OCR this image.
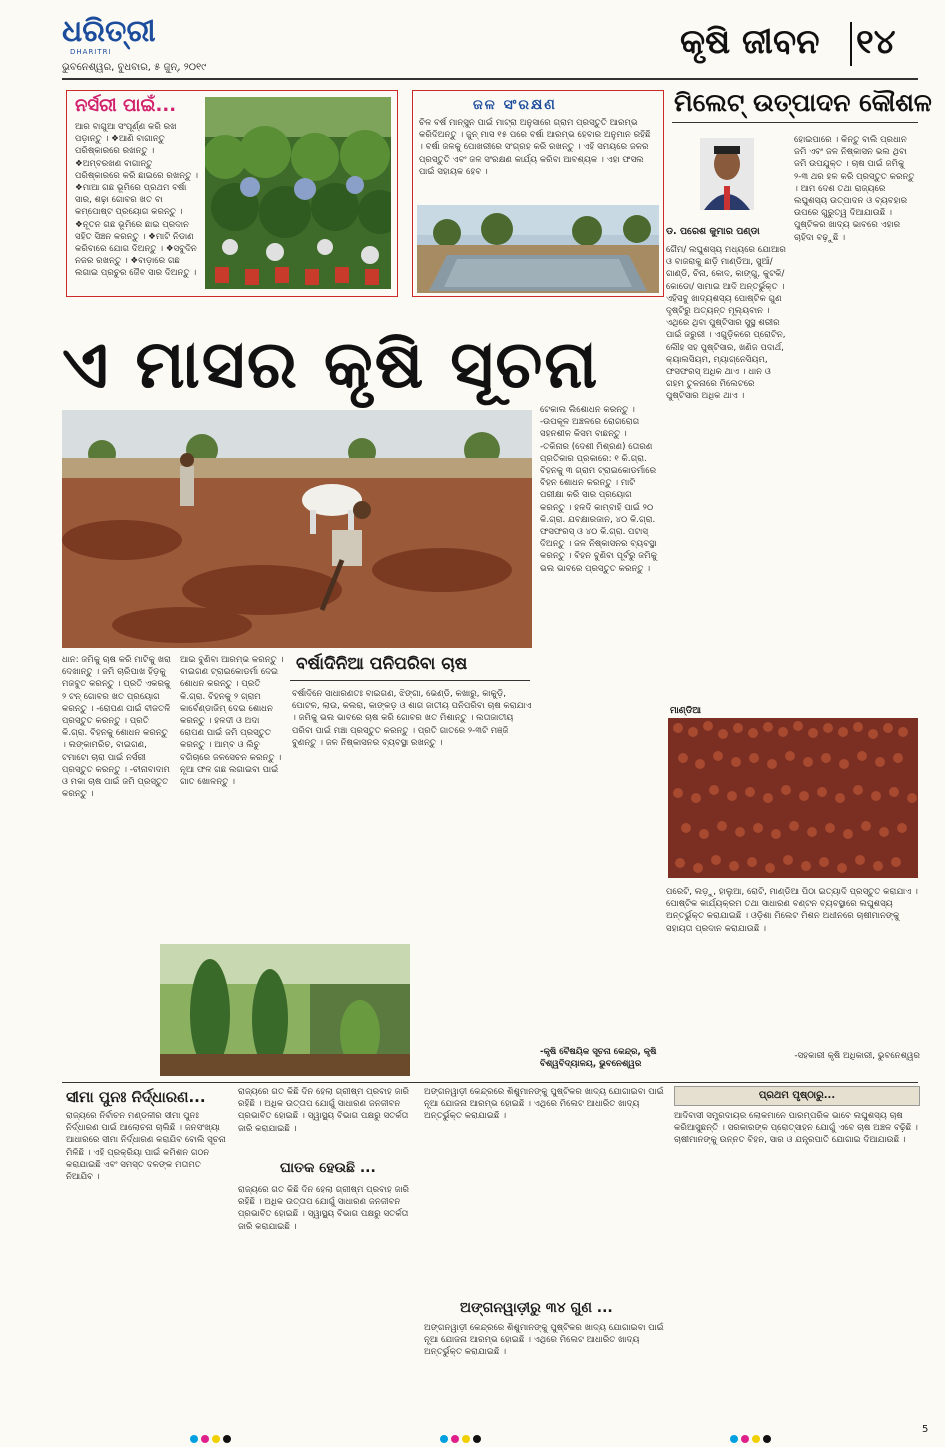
ଧରିତ୍ରୀ
DHARITRI
ଭୁବନେଶ୍ୱର, ବୁଧବାର, ୫ ଜୁନ୍, ୨୦୧୯
କୃଷି ଜୀବନ ୧୪
ନର୍ସରୀ ପାଇଁ...
ଆର ବାଗୁଆ ସଂପୂର୍ଣ୍ଣ କରି ରଖ ପଡ଼ାନ୍ତୁ । ❖ଆଣି ବାଗାନ୍ତୁ ପରିଷ୍କାରରେ ରଖନ୍ତୁ । ❖ଅମ୍ବରଖଣ ବାଗାନ୍ତୁ ପରିଷ୍କାରରେ କରି ଛାଇରେ ରଖନ୍ତୁ । ❖ମାଆ ଗଛ ଭୂମିରେ ପ୍ରଥମ ବର୍ଷା ସାର, ଶଢ଼ା ଗୋବର ଖତ ବା କମ୍ପୋଷ୍ଟ ପ୍ରୟୋଗ କରନ୍ତୁ । ❖ନୂତନ ଗଛ ଭୂମିରେ ଛାଇ ପ୍ରଦାନ ସହିତ ସିଞ୍ଚନ କରନ୍ତୁ । ❖ମାଟି ନିଡାଣ କରିବାରେ ଯୋଗ ଦିଅନ୍ତୁ । ❖ସବୁଦିନ ନଜର ରଖନ୍ତୁ । ❖ବାଡ଼ାରେ ଗଛ ଲଗାଇ ପ୍ରଚୁର ଜୈବ ସାର ଦିଅନ୍ତୁ ।
ଜଳ ସଂରକ୍ଷଣ
ଚିଳ ବର୍ଷ ମାନ୍ସୁନ ପାଇଁ ମାଟ୍ରା ଅନୁସାରେ ଗ୍ରାମ ପ୍ରସ୍ତୁତି ଆରମ୍ଭ କରିଦିଅନ୍ତୁ । ଜୁନ୍ ମାସ ୧୫ ପରେ ବର୍ଷା ଆରମ୍ଭ ହେବାର ଅନୁମାନ ରହିଛି । ବର୍ଷା ଜଳକୁ ପୋଖରୀରେ ସଂଗ୍ରହ କରି ରଖନ୍ତୁ । ଏହି ସମୟରେ ଜଳର ପ୍ରସ୍ତୁତି ଏବଂ ଜଳ ସଂରକ୍ଷଣ କାର୍ଯ୍ୟ କରିବା ଆବଶ୍ୟକ । ଏହା ଫସଲ ପାଇଁ ସହାୟକ ହେବ ।
ମିଲେଟ୍ ଉତ୍ପାଦନ କୌଶଳ
ଡ. ପରେଶ କୁମାର ପଣ୍ଡା
ଗୈମ/ ଲଘୁଶସ୍ୟ ମଧ୍ୟରେ ଯୋଆର ଓ ବାଜରାକୁ ଛାଡ଼ି ମାଣ୍ଡିଆ, ସୁଆଁ/ଗାଣ୍ଡି, ଚିନା, କୋଦ, କାଙ୍ଗୁ, କୁଟକି/ କୋଡୋ/ ସାମାଇ ଆଦି ଅନ୍ତର୍ଭୁକ୍ତ । ଏହିସବୁ ଖାଦ୍ୟଶସ୍ୟ ପୋଷ୍ଟିକ ଗୁଣ ଦୃଷ୍ଟିରୁ ଅତ୍ୟନ୍ତ ମୂଲ୍ୟବାନ । ଏଥିରେ ଥିବା ପୁଷ୍ଟିସାର ସୁସ୍ଥ ଶରୀର ପାଇଁ ଜରୁରୀ । ଏଗୁଡ଼ିକରେ ପ୍ରୋଟିନ, ଲୌହ ସହ ପୁଷ୍ଟିସାର, ଖଣିଜ ପଦାର୍ଥ, କ୍ୟାଲସିୟମ, ମ୍ୟାଗ୍ନେସିୟମ, ଫସଫରସ୍ ଅଧିକ ଥାଏ । ଧାନ ଓ ଗହମ ତୁଳନାରେ ମିଲେଟରେ ପୁଷ୍ଟିସାର ଅଧିକ ଥାଏ ।
ହୋଇପାରେ । କିନ୍ତୁ ବାଲି ପ୍ରଧାନ ଜମି ଏବଂ ଜଳ ନିଷ୍କାସନ ଭଲ ଥିବା ଜମି ଉପଯୁକ୍ତ । ଚାଷ ପାଇଁ ଜମିକୁ ୨-୩ ଥର ହଳ କରି ପ୍ରସ୍ତୁତ କରନ୍ତୁ । ଆମ ଦେଶ ତଥା ରାଜ୍ୟରେ ଲଘୁଶସ୍ୟ ଉତ୍ପାଦନ ଓ ବ୍ୟବହାର ଉପରେ ଗୁରୁତ୍ୱ ଦିଆଯାଉଛି । ପୁଷ୍ଟିକର ଖାଦ୍ୟ ଭାବରେ ଏହାର ଚାହିଦା ବଢ଼ୁଛି ।
ମାଣ୍ଡିଆ
ପରେଟି, ଲଡ଼ୁ, ହାଲୁଆ, ରୋଟି, ମାଣ୍ଡିଆ ପିଠା ଇତ୍ୟାଦି ପ୍ରସ୍ତୁତ କରାଯାଏ । ପୋଷ୍ଟିକ କାର୍ଯ୍ୟକ୍ରମ ତଥା ସାଧାରଣ ବଣ୍ଟନ ବ୍ୟବସ୍ଥାରେ ଲଘୁଶସ୍ୟ ଅନ୍ତର୍ଭୁକ୍ତ କରାଯାଇଛି । ଓଡ଼ିଶା ମିଲେଟ ମିଶନ ଅଧୀନରେ ଚାଷୀମାନଙ୍କୁ ସହାୟତା ପ୍ରଦାନ କରାଯାଉଛି ।
-ସହକାରୀ କୃଷି ଅଧିକାରୀ, ଭୁବନେଶ୍ୱର
ଏ ମାସର କୃଷି ସୂଚନା
ଟେକାଲ ଲିଶୋଧନ କରନ୍ତୁ । -ଉପକୂଳ ଅଞ୍ଚଳରେ ରୋଗରୋଗ ସହନଶୀଳ କିସମ ବାଛନ୍ତୁ । -ତକିନାର (ଦେଶୀ ମିଶ୍ରଣ) ତୋରଣ ପ୍ରତିକାର ପ୍ରକାରେ: ୧ କି.ଗ୍ରା. ବିହନକୁ ୩ ଗ୍ରାମ ଟ୍ରାଇକୋଡର୍ମାରେ ବିହନ ଶୋଧନ କରନ୍ତୁ । ମାଟି ପରୀକ୍ଷା କରି ସାର ପ୍ରୟୋଗ କରନ୍ତୁ । ହଳଦି କାମ୍ବାହି ପାଇଁ ୨୦ କି.ଗ୍ରା. ଯବକ୍ଷାରଜାନ, ୪୦ କି.ଗ୍ରା. ଫସଫରସ୍ ଓ ୪୦ କି.ଗ୍ରା. ପଟାସ୍ ଦିଅନ୍ତୁ । ଜଳ ନିଷ୍କାସନର ବ୍ୟବସ୍ଥା କରନ୍ତୁ । ବିହନ ବୁଣିବା ପୂର୍ବରୁ ଜମିକୁ ଭଲ ଭାବରେ ପ୍ରସ୍ତୁତ କରନ୍ତୁ ।
-କୃଷି ବୈଷୟିକ ସୂଚନା କେନ୍ଦ୍ର, କୃଷି ବିଶ୍ୱବିଦ୍ୟାଳୟ, ଭୁବନେଶ୍ୱର
ଧାନ: ଜମିକୁ ଚାଷ କରି ମାଟିକୁ ଖରା ଦେଖାନ୍ତୁ । ଜମି ଚାରିପାଖ ହିଡ଼କୁ ମଜବୁତ କରନ୍ତୁ । ପ୍ରତି ଏକରକୁ ୨ ଟନ୍ ଗୋବର ଖତ ପ୍ରୟୋଗ କରନ୍ତୁ । -ରୋପଣ ପାଇଁ ବୀଜତଳି ପ୍ରସ୍ତୁତ କରନ୍ତୁ । ପ୍ରତି କି.ଗ୍ରା. ବିହନକୁ ଶୋଧନ କରନ୍ତୁ । ଲଙ୍କାମରିଚ, ବାଇଗଣ, ଟମାଟୋ ଚାରା ପାଇଁ ନର୍ସରୀ ପ୍ରସ୍ତୁତ କରନ୍ତୁ । -ଚୀନାବାଦାମ ଓ ମକା ଚାଷ ପାଇଁ ଜମି ପ୍ରସ୍ତୁତ କରନ୍ତୁ ।
ଆଇ ବୁଣିବା ଆରମ୍ଭ କରନ୍ତୁ । ବାଇଗଣ ଟ୍ରାଇକୋଡର୍ମା ଦେଇ ଶୋଧନ କରନ୍ତୁ । ପ୍ରତି କି.ଗ୍ରା. ବିହନକୁ ୨ ଗ୍ରାମ କାର୍ବେଣ୍ଡାଜିମ୍ ଦେଇ ଶୋଧନ କରନ୍ତୁ । ହଳଦୀ ଓ ଅଦା ରୋପଣ ପାଇଁ ଜମି ପ୍ରସ୍ତୁତ କରନ୍ତୁ । ଆମ୍ବ ଓ ଲିଚୁ ବଗିଚାରେ ଜଳସେଚନ କରନ୍ତୁ । ନୂଆ ଫଳ ଗଛ ଲଗାଇବା ପାଇଁ ଗାତ ଖୋଳନ୍ତୁ ।
ବର୍ଷାଦିନିଆ ପନିପରିବା ଚାଷ
ବର୍ଷାଦିନେ ସାଧାରଣତଃ ବାଇଗଣ, ଝିଙ୍ଗା, ଭେଣ୍ଡି, କଖାରୁ, କାକୁଡ଼ି, ପୋଟଳ, ଲାଉ, କଲରା, କାଙ୍କଡ଼ ଓ ଶାଗ ଜାତୀୟ ପନିପରିବା ଚାଷ କରାଯାଏ । ଜମିକୁ ଭଲ ଭାବରେ ଚାଷ କରି ଗୋବର ଖତ ମିଶାନ୍ତୁ । ଲତାଜାତୀୟ ପରିବା ପାଇଁ ମଞ୍ଚା ପ୍ରସ୍ତୁତ କରନ୍ତୁ । ପ୍ରତି ଗାତରେ ୨-୩ଟି ମଞ୍ଜି ବୁଣନ୍ତୁ । ଜଳ ନିଷ୍କାସନର ବ୍ୟବସ୍ଥା ରଖନ୍ତୁ ।
ସୀମା ପୁନଃ ନିର୍ଦ୍ଧାରଣ...
ରାଜ୍ୟରେ ନିର୍ବାଚନ ମଣ୍ଡଳୀର ସୀମା ପୁନଃ ନିର୍ଦ୍ଧାରଣ ପାଇଁ ଆଲୋଚନା ଚାଲିଛି । ଜନସଂଖ୍ୟା ଆଧାରରେ ସୀମା ନିର୍ଦ୍ଧାରଣ କରାଯିବ ବୋଲି ସୂଚନା ମିଳିଛି । ଏହି ପ୍ରକ୍ରିୟା ପାଇଁ କମିଶନ ଗଠନ କରାଯାଇଛି ଏବଂ ସମସ୍ତ ଦଳଙ୍କ ମତାମତ ନିଆଯିବ ।
ରାଜ୍ୟରେ ଗତ କିଛି ଦିନ ହେଲା ଗ୍ରୀଷ୍ମ ପ୍ରବାହ ଜାରି ରହିଛି । ଅଧିକ ଉତ୍ତାପ ଯୋଗୁଁ ସାଧାରଣ ଜନଜୀବନ ପ୍ରଭାବିତ ହୋଇଛି । ସ୍ୱାସ୍ଥ୍ୟ ବିଭାଗ ପକ୍ଷରୁ ସତର୍କତା ଜାରି କରାଯାଇଛି ।
ଘାତକ ହେଉଛି ...
ରାଜ୍ୟରେ ଗତ କିଛି ଦିନ ହେଲା ଗ୍ରୀଷ୍ମ ପ୍ରବାହ ଜାରି ରହିଛି । ଅଧିକ ଉତ୍ତାପ ଯୋଗୁଁ ସାଧାରଣ ଜନଜୀବନ ପ୍ରଭାବିତ ହୋଇଛି । ସ୍ୱାସ୍ଥ୍ୟ ବିଭାଗ ପକ୍ଷରୁ ସତର୍କତା ଜାରି କରାଯାଇଛି ।
ଅଙ୍ଗନୱାଡ଼ୀ କେନ୍ଦ୍ରରେ ଶିଶୁମାନଙ୍କୁ ପୁଷ୍ଟିକର ଖାଦ୍ୟ ଯୋଗାଇବା ପାଇଁ ନୂଆ ଯୋଜନା ଆରମ୍ଭ ହୋଇଛି । ଏଥିରେ ମିଲେଟ ଆଧାରିତ ଖାଦ୍ୟ ଅନ୍ତର୍ଭୁକ୍ତ କରାଯାଇଛି ।
ଅଙ୍ଗନୱାଡ଼ୀରୁ ୩୪ ଗୁଣ ...
ଅଙ୍ଗନୱାଡ଼ୀ କେନ୍ଦ୍ରରେ ଶିଶୁମାନଙ୍କୁ ପୁଷ୍ଟିକର ଖାଦ୍ୟ ଯୋଗାଇବା ପାଇଁ ନୂଆ ଯୋଜନା ଆରମ୍ଭ ହୋଇଛି । ଏଥିରେ ମିଲେଟ ଆଧାରିତ ଖାଦ୍ୟ ଅନ୍ତର୍ଭୁକ୍ତ କରାଯାଇଛି ।
ପ୍ରଥମ ପୃଷ୍ଠାରୁ...
ଆଦିବାସୀ ସମ୍ପ୍ରଦାୟର ଲୋକମାନେ ପାରମ୍ପରିକ ଭାବେ ଲଘୁଶସ୍ୟ ଚାଷ କରିଆସୁଛନ୍ତି । ସରକାରଙ୍କ ପ୍ରୋତ୍ସାହନ ଯୋଗୁଁ ଏବେ ଚାଷ ଅଞ୍ଚଳ ବଢ଼ିଛି । ଚାଷୀମାନଙ୍କୁ ଉନ୍ନତ ବିହନ, ସାର ଓ ଯନ୍ତ୍ରପାତି ଯୋଗାଇ ଦିଆଯାଉଛି ।
5
